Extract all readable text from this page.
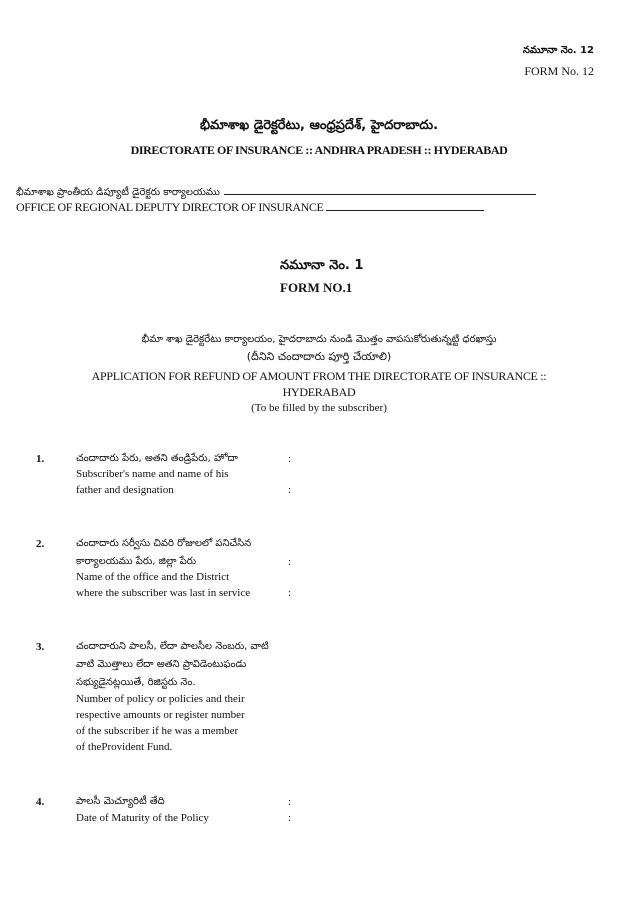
నమూనా నెం. 12
FORM No. 12
భీమాశాఖ డైరెక్టరేటు, ఆంధ్రప్రదేశ్, హైదరాబాదు.
DIRECTORATE OF INSURANCE :: ANDHRA PRADESH :: HYDERABAD
భీమాశాఖ ప్రాంతీయ డిప్యూటీ డైరెక్టరు కార్యాలయము
OFFICE OF REGIONAL DEPUTY DIRECTOR OF INSURANCE
నమూనా నెం. 1
FORM NO.1
భీమా శాఖ డైరెక్టరేటు కార్యాలయం, హైదరాబాదు నుండి మొత్తం వాపసుకోరుతున్నట్టి ధరఖాస్తు
(దీనిని చందాదారు పూర్తి చేయాలి)
APPLICATION FOR REFUND OF AMOUNT FROM THE DIRECTORATE OF INSURANCE ::
HYDERABAD
(To be filled by the subscriber)
1.	చందాదారు పేరు, అతని తండ్రిపేరు, హోదా	:
Subscriber's name and name of his
father and designation	:
2.	చందాదారు సర్వీసు చివరి రోజులలో పనిచేసిన
కార్యాలయము పేరు, జిల్లా పేరు	:
Name of the office and the District
where the subscriber was last in service	:
3.	చందాదారుని పాలసీ, లేదా పాలసీల నెంబరు, వాటి
వాటి మొత్తాలు లేదా అతని ప్రావిడెంటుఫండు
సభ్యుడైనట్లయితే, రిజిస్టరు నెం.
Number of policy or policies and their
respective amounts or register number
of the subscriber if he was a member
of theProvident Fund.
4.	పాలసీ మెచ్యూరిటీ తేది	:
Date of Maturity of the Policy	:
